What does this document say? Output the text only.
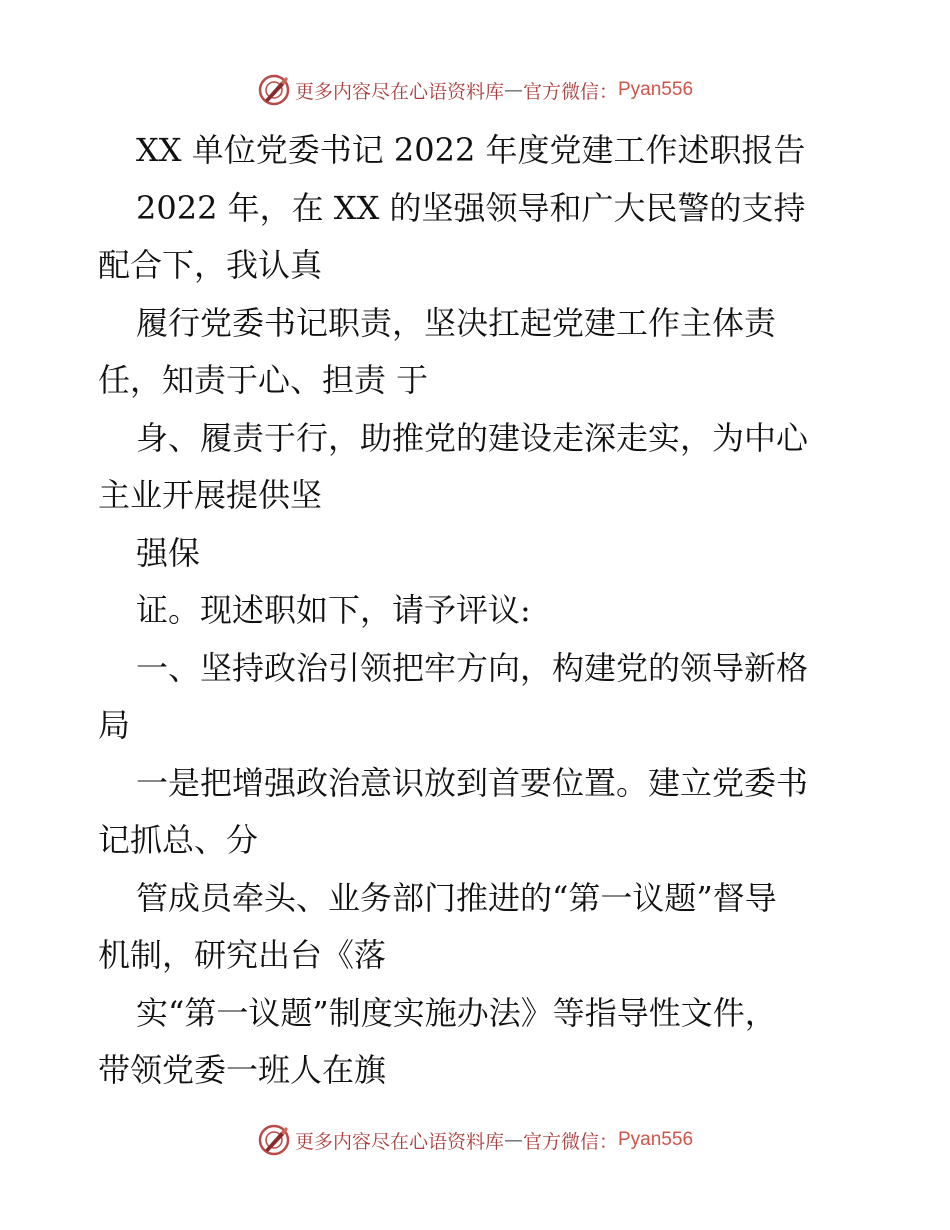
更多内容尽在心语资料库 — 官方微信： Pyan556
XX 单位党委书记 2022 年度党建工作述职报告
2022 年，在 XX 的坚强领导和广大民警的支持
配合下，我认真
履行党委书记职责，坚决扛起党建工作主体责
任，知责于心、担责 于
身、履责于行，助推党的建设走深走实，为中心
主业开展提供坚
强保
证。现述职如下，请予评议:
一、坚持政治引领把牢方向，构建党的领导新格
局
一是把增强政治意识放到首要位置。建立党委书
记抓总、分
管成员牵头、业务部门推进的“第一议题”督导
机制，研究出台《落
实“第一议题”制度实施办法》等指导性文件，
带领党委一班人在旗
更多内容尽在心语资料库 — 官方微信： Pyan556
